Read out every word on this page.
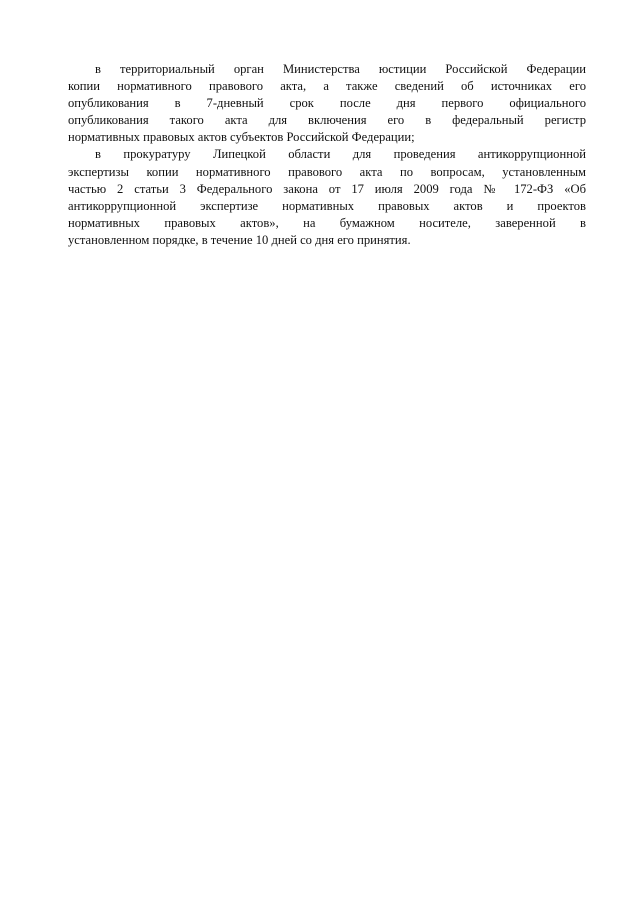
в территориальный орган Министерства юстиции Российской Федерации
копии нормативного правового акта, а также сведений об источниках его
опубликования в 7-дневный срок после дня первого официального
опубликования такого акта для включения его в федеральный регистр
нормативных правовых актов субъектов Российской Федерации;
в прокуратуру Липецкой области для проведения антикоррупционной
экспертизы копии нормативного правового акта по вопросам, установленным
частью 2 статьи 3 Федерального закона от 17 июля 2009 года № 172-ФЗ «Об
антикоррупционной экспертизе нормативных правовых актов и проектов
нормативных правовых актов», на бумажном носителе, заверенной в
установленном порядке, в течение 10 дней со дня его принятия.
